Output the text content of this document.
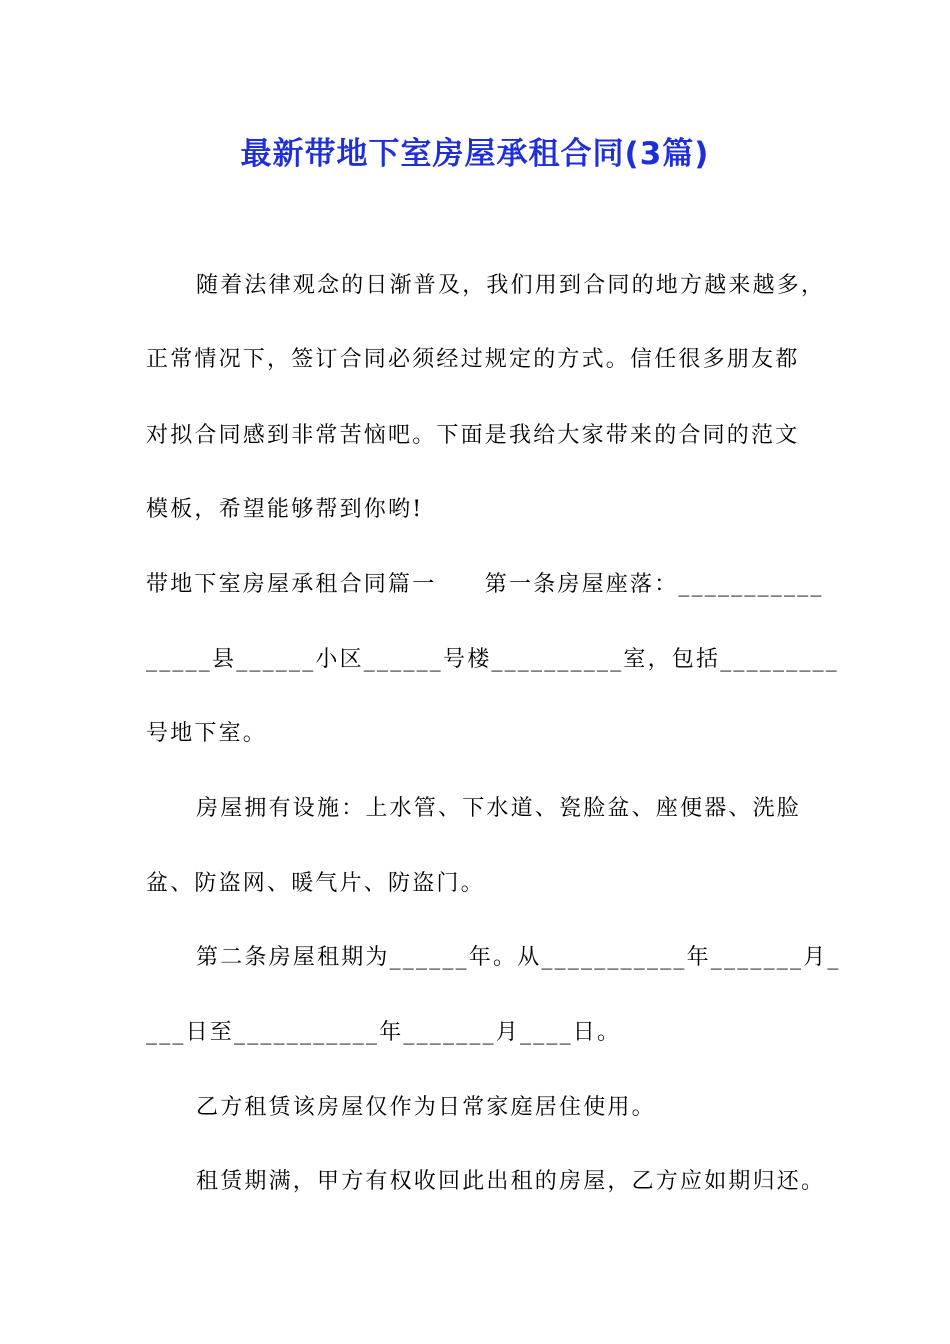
最新带地下室房屋承租合同(3篇)
随着法律观念的日渐普及，我们用到合同的地方越来越多，
正常情况下，签订合同必须经过规定的方式。信任很多朋友都
对拟合同感到非常苦恼吧。下面是我给大家带来的合同的范文
模板，希望能够帮到你哟!
带地下室房屋承租合同篇一　　第一条房屋座落：___________
_____县______小区______号楼__________室，包括_________
号地下室。
房屋拥有设施：上水管、下水道、瓷脸盆、座便器、洗脸
盆、防盗网、暖气片、防盗门。
第二条房屋租期为______年。从___________年_______月_
___日至___________年_______月____日。
乙方租赁该房屋仅作为日常家庭居住使用。
租赁期满，甲方有权收回此出租的房屋，乙方应如期归还。
